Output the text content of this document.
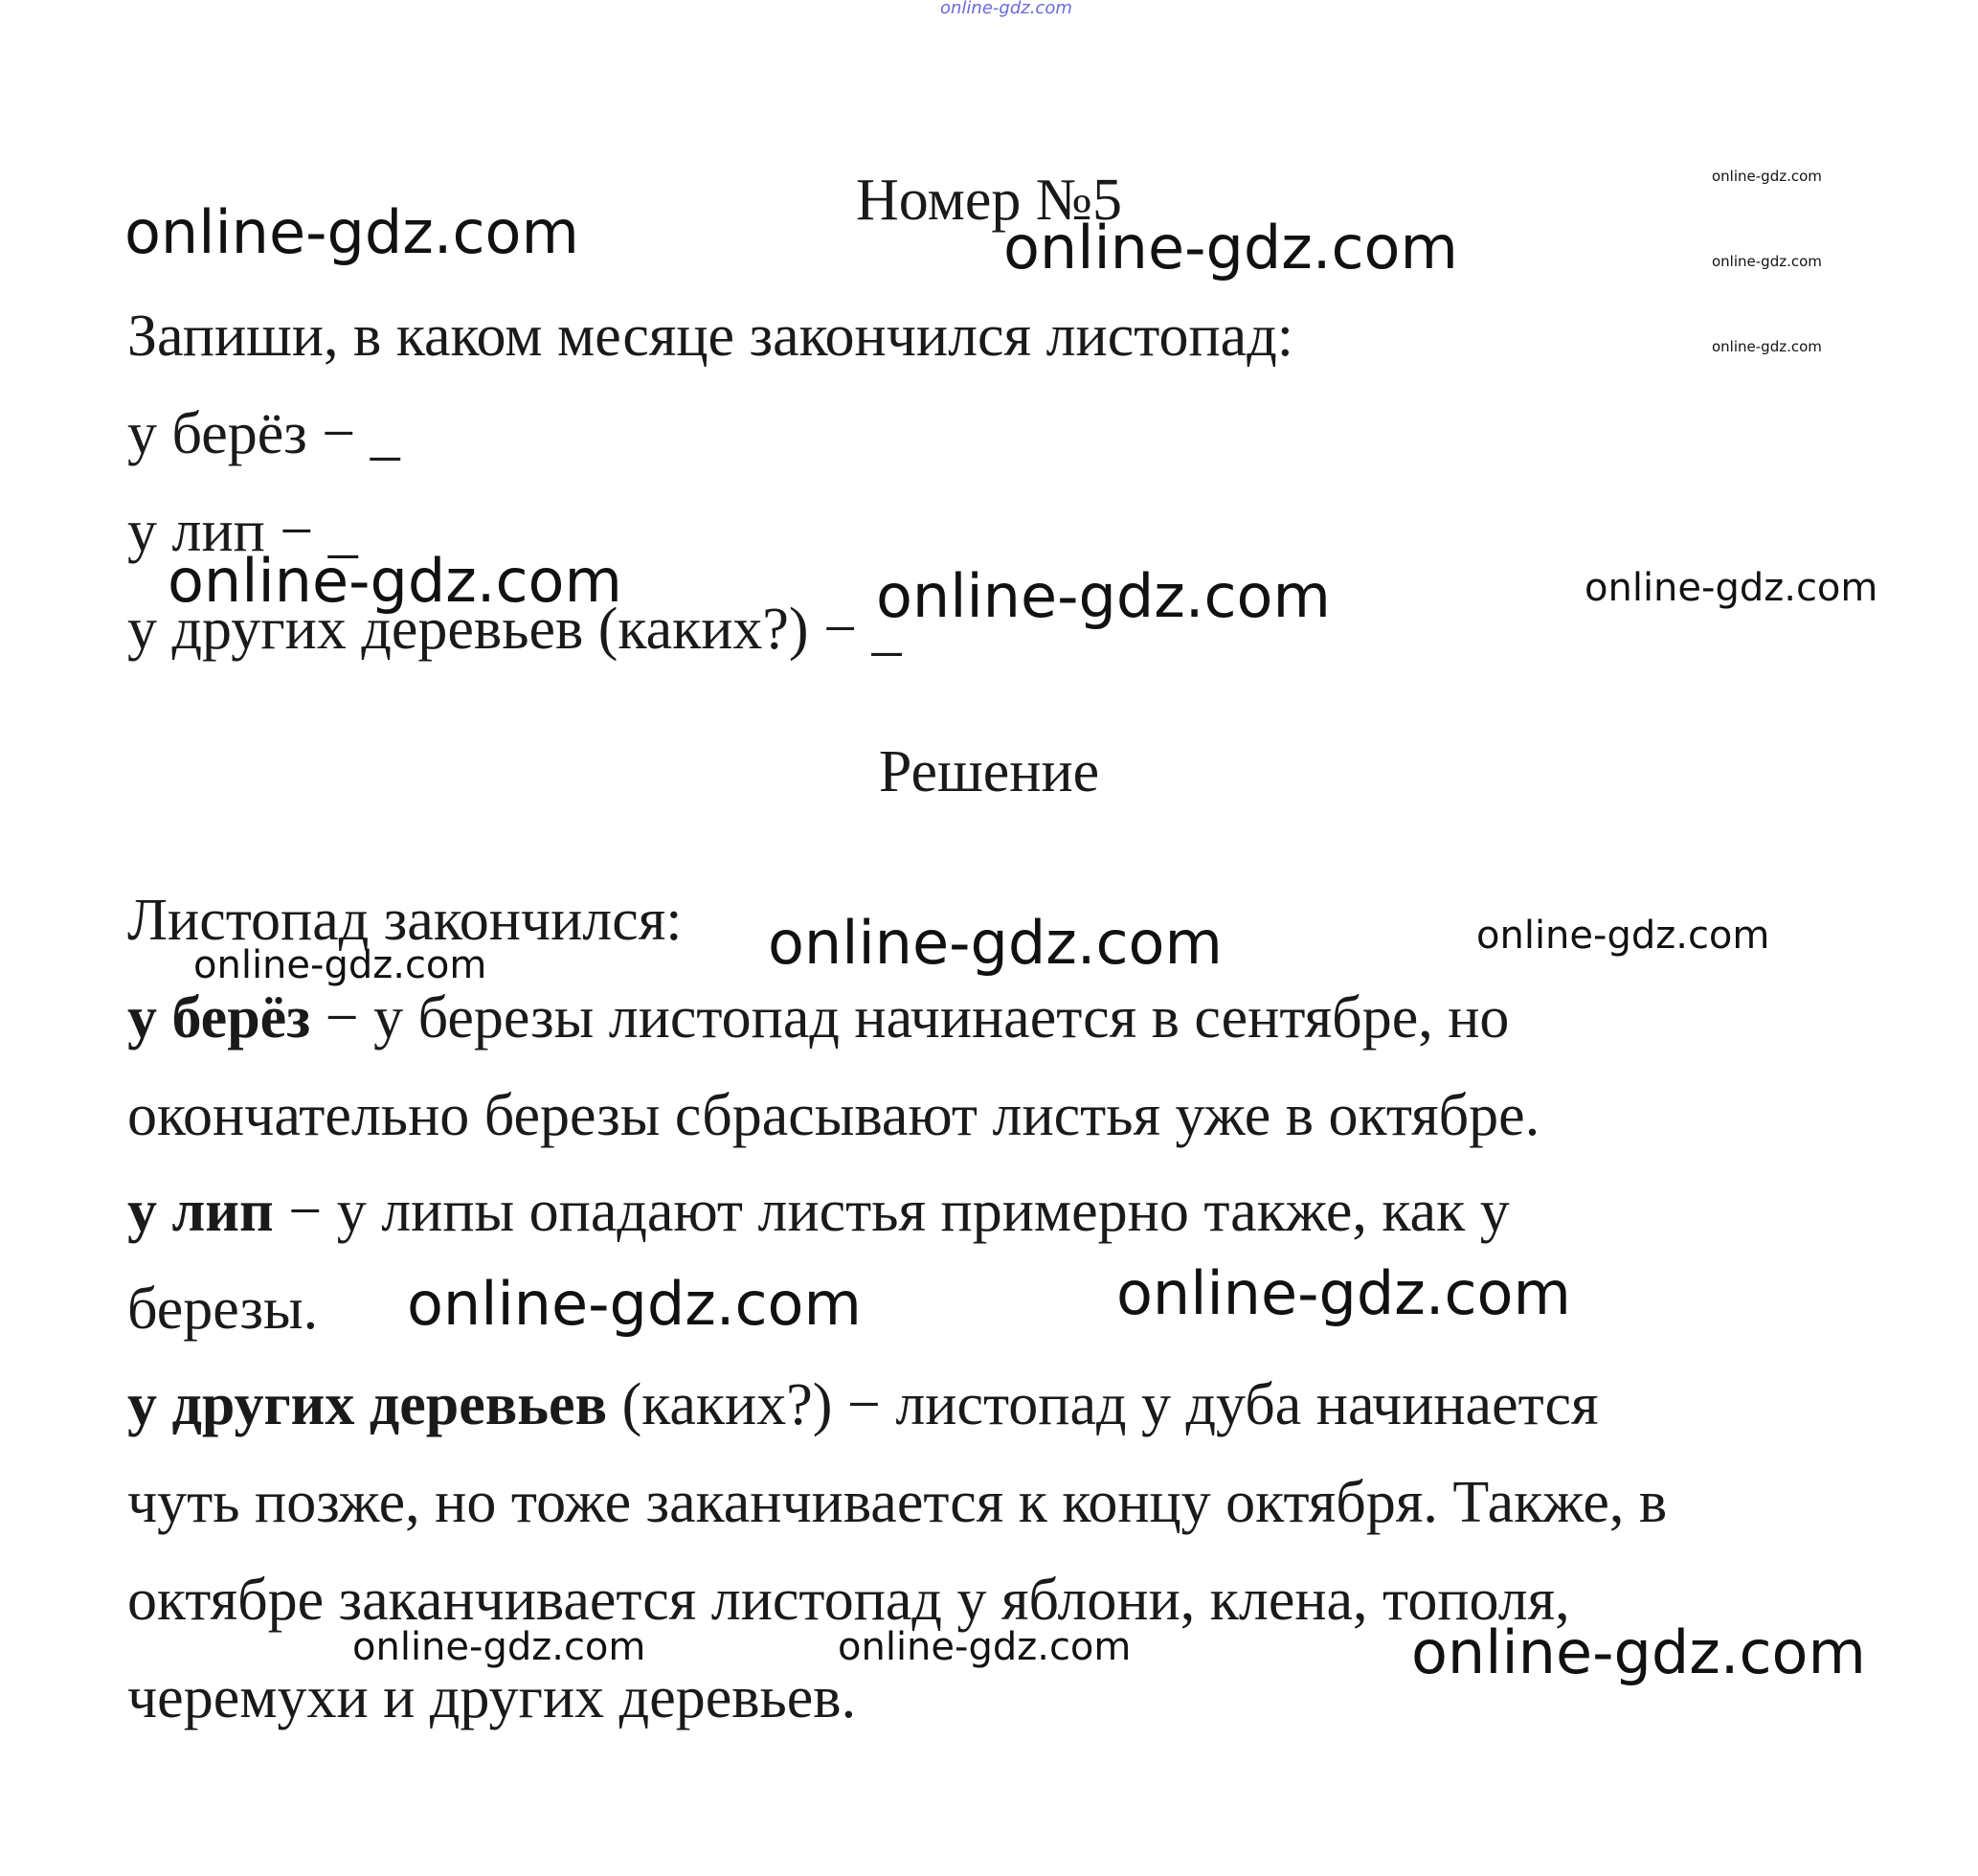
online-gdz.com
online-gdz.com	online-gdz.com
online-gdz.com
online-gdz.com
online-gdz.com
online-gdz.com	online-gdz.com	online-gdz.com
online-gdz.com
online-gdz.com
online-gdz.com
online-gdz.com	online-gdz.com
online-gdz.com	online-gdz.com	online-gdz.com
Номер №5
Запиши, в каком месяце закончился листопад:
у берёз − _
у лип − _
у других деревьев (каких?) − _
Решение
Листопад закончился:
у берёз − у березы листопад начинается в сентябре, но
окончательно березы сбрасывают листья уже в октябре.
у лип − у липы опадают листья примерно также, как у
березы.
у других деревьев (каких?) − листопад у дуба начинается
чуть позже, но тоже заканчивается к концу октября. Также, в
октябре заканчивается листопад у яблони, клена, тополя,
черемухи и других деревьев.
